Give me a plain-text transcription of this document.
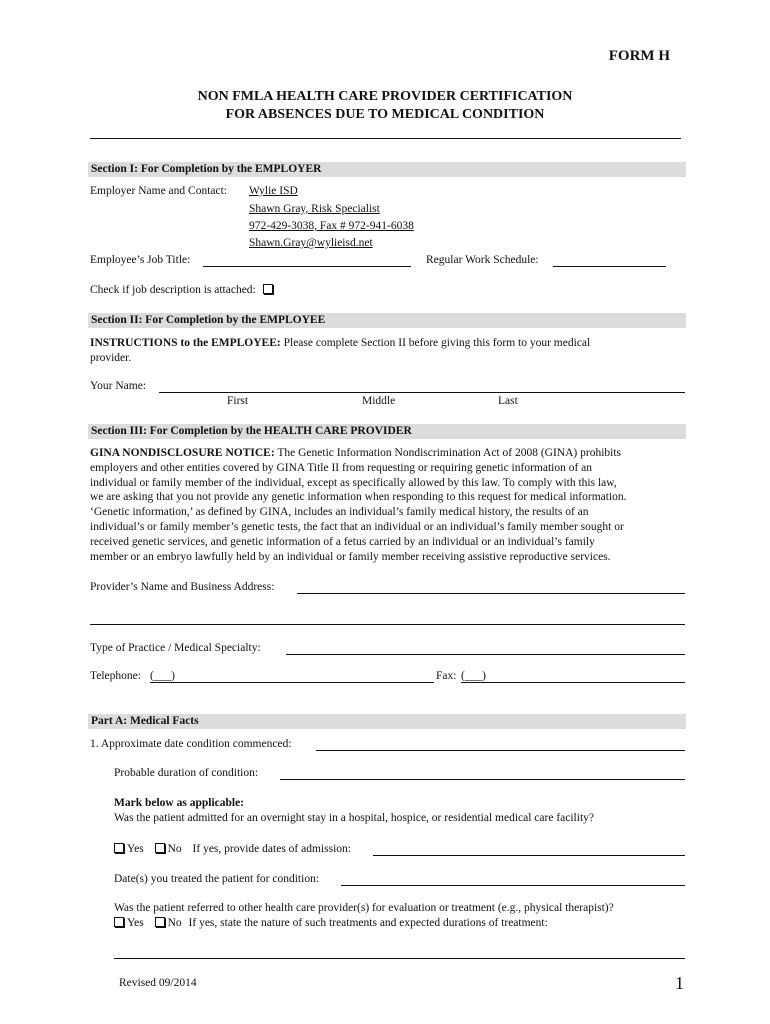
FORM H
NON FMLA HEALTH CARE PROVIDER CERTIFICATION
FOR ABSENCES DUE TO MEDICAL CONDITION
Section I: For Completion by the EMPLOYER
Employer Name and Contact: Wylie ISD
Shawn Gray, Risk Specialist
972-429-3038, Fax # 972-941-6038
Shawn.Gray@wylieisd.net
Employee’s Job Title:	Regular Work Schedule:
Check if job description is attached:
Section II: For Completion by the EMPLOYEE
INSTRUCTIONS to the EMPLOYEE: Please complete Section II before giving this form to your medical
provider.
Your Name:
First	Middle	Last
Section III: For Completion by the HEALTH CARE PROVIDER
GINA NONDISCLOSURE NOTICE: The Genetic Information Nondiscrimination Act of 2008 (GINA) prohibits
employers and other entities covered by GINA Title II from requesting or requiring genetic information of an
individual or family member of the individual, except as specifically allowed by this law. To comply with this law,
we are asking that you not provide any genetic information when responding to this request for medical information.
‘Genetic information,’ as defined by GINA, includes an individual’s family medical history, the results of an
individual’s or family member’s genetic tests, the fact that an individual or an individual’s family member sought or
received genetic services, and genetic information of a fetus carried by an individual or an individual’s family
member or an embryo lawfully held by an individual or family member receiving assistive reproductive services.
Provider’s Name and Business Address:
Type of Practice / Medical Specialty:
Telephone: (___)	Fax: (___)
Part A: Medical Facts
1. Approximate date condition commenced:
Probable duration of condition:
Mark below as applicable:
Was the patient admitted for an overnight stay in a hospital, hospice, or residential medical care facility?
Yes No If yes, provide dates of admission:
Date(s) you treated the patient for condition:
Was the patient referred to other health care provider(s) for evaluation or treatment (e.g., physical therapist)?
Yes No If yes, state the nature of such treatments and expected durations of treatment:
Revised 09/2014	1
